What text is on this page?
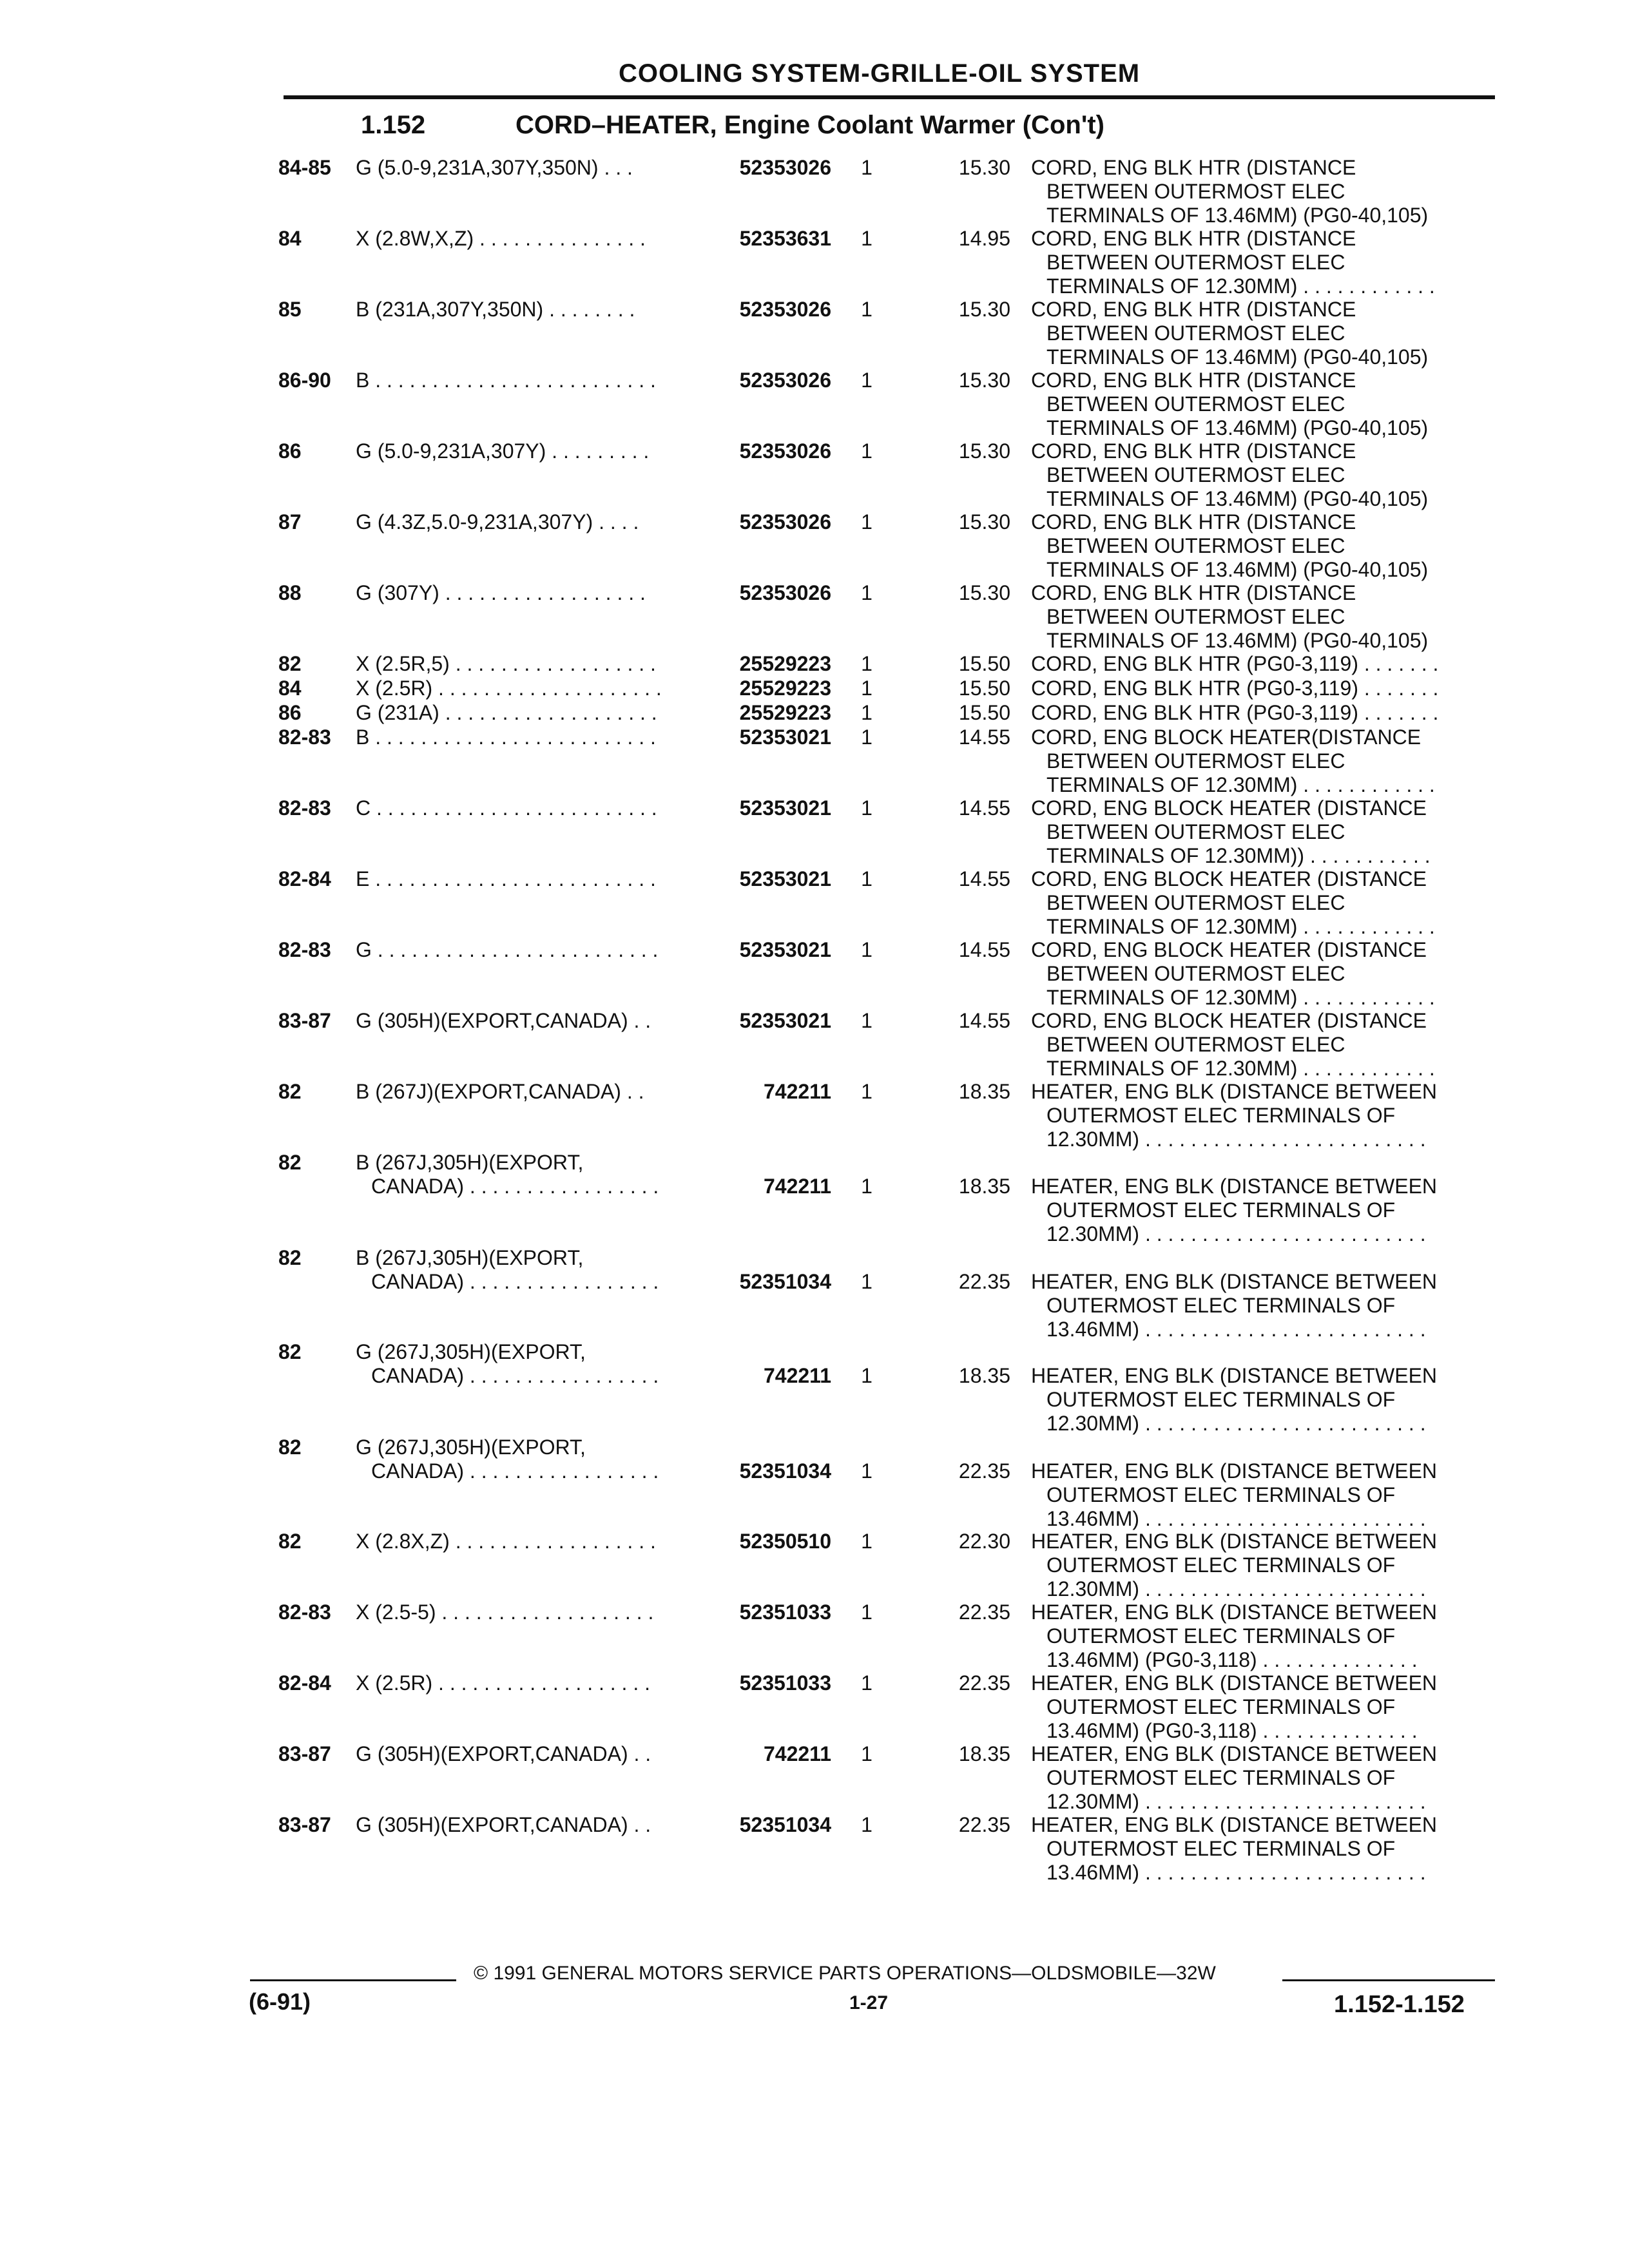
COOLING SYSTEM-GRILLE-OIL SYSTEM
1.152	CORD–HEATER, Engine Coolant Warmer (Con't)
84-85	G (5.0-9,231A,307Y,350N) . . .	52353026	1	15.30 CORD, ENG BLK HTR (DISTANCE
BETWEEN OUTERMOST ELEC
TERMINALS OF 13.46MM) (PG0-40,105)
84	X (2.8W,X,Z) . . . . . . . . . . . . . . .	52353631	1	14.95 CORD, ENG BLK HTR (DISTANCE
BETWEEN OUTERMOST ELEC
TERMINALS OF 12.30MM) . . . . . . . . . . . .
85	B (231A,307Y,350N) . . . . . . . .	52353026	1	15.30 CORD, ENG BLK HTR (DISTANCE
BETWEEN OUTERMOST ELEC
TERMINALS OF 13.46MM) (PG0-40,105)
86-90	B . . . . . . . . . . . . . . . . . . . . . . . . .	52353026	1	15.30 CORD, ENG BLK HTR (DISTANCE
BETWEEN OUTERMOST ELEC
TERMINALS OF 13.46MM) (PG0-40,105)
86	G (5.0-9,231A,307Y) . . . . . . . . .	52353026	1	15.30 CORD, ENG BLK HTR (DISTANCE
BETWEEN OUTERMOST ELEC
TERMINALS OF 13.46MM) (PG0-40,105)
87	G (4.3Z,5.0-9,231A,307Y) . . . .	52353026	1	15.30 CORD, ENG BLK HTR (DISTANCE
BETWEEN OUTERMOST ELEC
TERMINALS OF 13.46MM) (PG0-40,105)
88	G (307Y) . . . . . . . . . . . . . . . . . .	52353026	1	15.30 CORD, ENG BLK HTR (DISTANCE
BETWEEN OUTERMOST ELEC
TERMINALS OF 13.46MM) (PG0-40,105)
82	X (2.5R,5) . . . . . . . . . . . . . . . . . .	25529223	1	15.50 CORD, ENG BLK HTR (PG0-3,119) . . . . . . .
84	X (2.5R) . . . . . . . . . . . . . . . . . . . .	25529223	1	15.50 CORD, ENG BLK HTR (PG0-3,119) . . . . . . .
86	G (231A) . . . . . . . . . . . . . . . . . . .	25529223	1	15.50 CORD, ENG BLK HTR (PG0-3,119) . . . . . . .
82-83	B . . . . . . . . . . . . . . . . . . . . . . . . .	52353021	1	14.55 CORD, ENG BLOCK HEATER(DISTANCE
BETWEEN OUTERMOST ELEC
TERMINALS OF 12.30MM) . . . . . . . . . . . .
82-83	C . . . . . . . . . . . . . . . . . . . . . . . . .	52353021	1	14.55 CORD, ENG BLOCK HEATER (DISTANCE
BETWEEN OUTERMOST ELEC
TERMINALS OF 12.30MM)) . . . . . . . . . . .
82-84	E . . . . . . . . . . . . . . . . . . . . . . . . .	52353021	1	14.55 CORD, ENG BLOCK HEATER (DISTANCE
BETWEEN OUTERMOST ELEC
TERMINALS OF 12.30MM) . . . . . . . . . . . .
82-83	G . . . . . . . . . . . . . . . . . . . . . . . . .	52353021	1	14.55 CORD, ENG BLOCK HEATER (DISTANCE
BETWEEN OUTERMOST ELEC
TERMINALS OF 12.30MM) . . . . . . . . . . . .
83-87	G (305H)(EXPORT,CANADA) . .	52353021	1	14.55 CORD, ENG BLOCK HEATER (DISTANCE
BETWEEN OUTERMOST ELEC
TERMINALS OF 12.30MM) . . . . . . . . . . . .
82	B (267J)(EXPORT,CANADA) . .	742211	1	18.35 HEATER, ENG BLK (DISTANCE BETWEEN
OUTERMOST ELEC TERMINALS OF
12.30MM) . . . . . . . . . . . . . . . . . . . . . . . . .
82	B (267J,305H)(EXPORT,
CANADA) . . . . . . . . . . . . . . . . .	742211	1	18.35 HEATER, ENG BLK (DISTANCE BETWEEN
OUTERMOST ELEC TERMINALS OF
12.30MM) . . . . . . . . . . . . . . . . . . . . . . . . .
82	B (267J,305H)(EXPORT,
CANADA) . . . . . . . . . . . . . . . . .	52351034	1	22.35 HEATER, ENG BLK (DISTANCE BETWEEN
OUTERMOST ELEC TERMINALS OF
13.46MM) . . . . . . . . . . . . . . . . . . . . . . . . .
82	G (267J,305H)(EXPORT,
CANADA) . . . . . . . . . . . . . . . . .	742211	1	18.35 HEATER, ENG BLK (DISTANCE BETWEEN
OUTERMOST ELEC TERMINALS OF
12.30MM) . . . . . . . . . . . . . . . . . . . . . . . . .
82	G (267J,305H)(EXPORT,
CANADA) . . . . . . . . . . . . . . . . .	52351034	1	22.35 HEATER, ENG BLK (DISTANCE BETWEEN
OUTERMOST ELEC TERMINALS OF
13.46MM) . . . . . . . . . . . . . . . . . . . . . . . . .
82	X (2.8X,Z) . . . . . . . . . . . . . . . . . .	52350510	1	22.30 HEATER, ENG BLK (DISTANCE BETWEEN
OUTERMOST ELEC TERMINALS OF
12.30MM) . . . . . . . . . . . . . . . . . . . . . . . . .
82-83	X (2.5-5) . . . . . . . . . . . . . . . . . . .	52351033	1	22.35 HEATER, ENG BLK (DISTANCE BETWEEN
OUTERMOST ELEC TERMINALS OF
13.46MM) (PG0-3,118) . . . . . . . . . . . . . .
82-84	X (2.5R) . . . . . . . . . . . . . . . . . . .	52351033	1	22.35 HEATER, ENG BLK (DISTANCE BETWEEN
OUTERMOST ELEC TERMINALS OF
13.46MM) (PG0-3,118) . . . . . . . . . . . . . .
83-87	G (305H)(EXPORT,CANADA) . .	742211	1	18.35 HEATER, ENG BLK (DISTANCE BETWEEN
OUTERMOST ELEC TERMINALS OF
12.30MM) . . . . . . . . . . . . . . . . . . . . . . . . .
83-87	G (305H)(EXPORT,CANADA) . .	52351034	1	22.35 HEATER, ENG BLK (DISTANCE BETWEEN
OUTERMOST ELEC TERMINALS OF
13.46MM) . . . . . . . . . . . . . . . . . . . . . . . . .
© 1991 GENERAL MOTORS SERVICE PARTS OPERATIONS—OLDSMOBILE—32W
(6-91)	1-27	1.152-1.152
